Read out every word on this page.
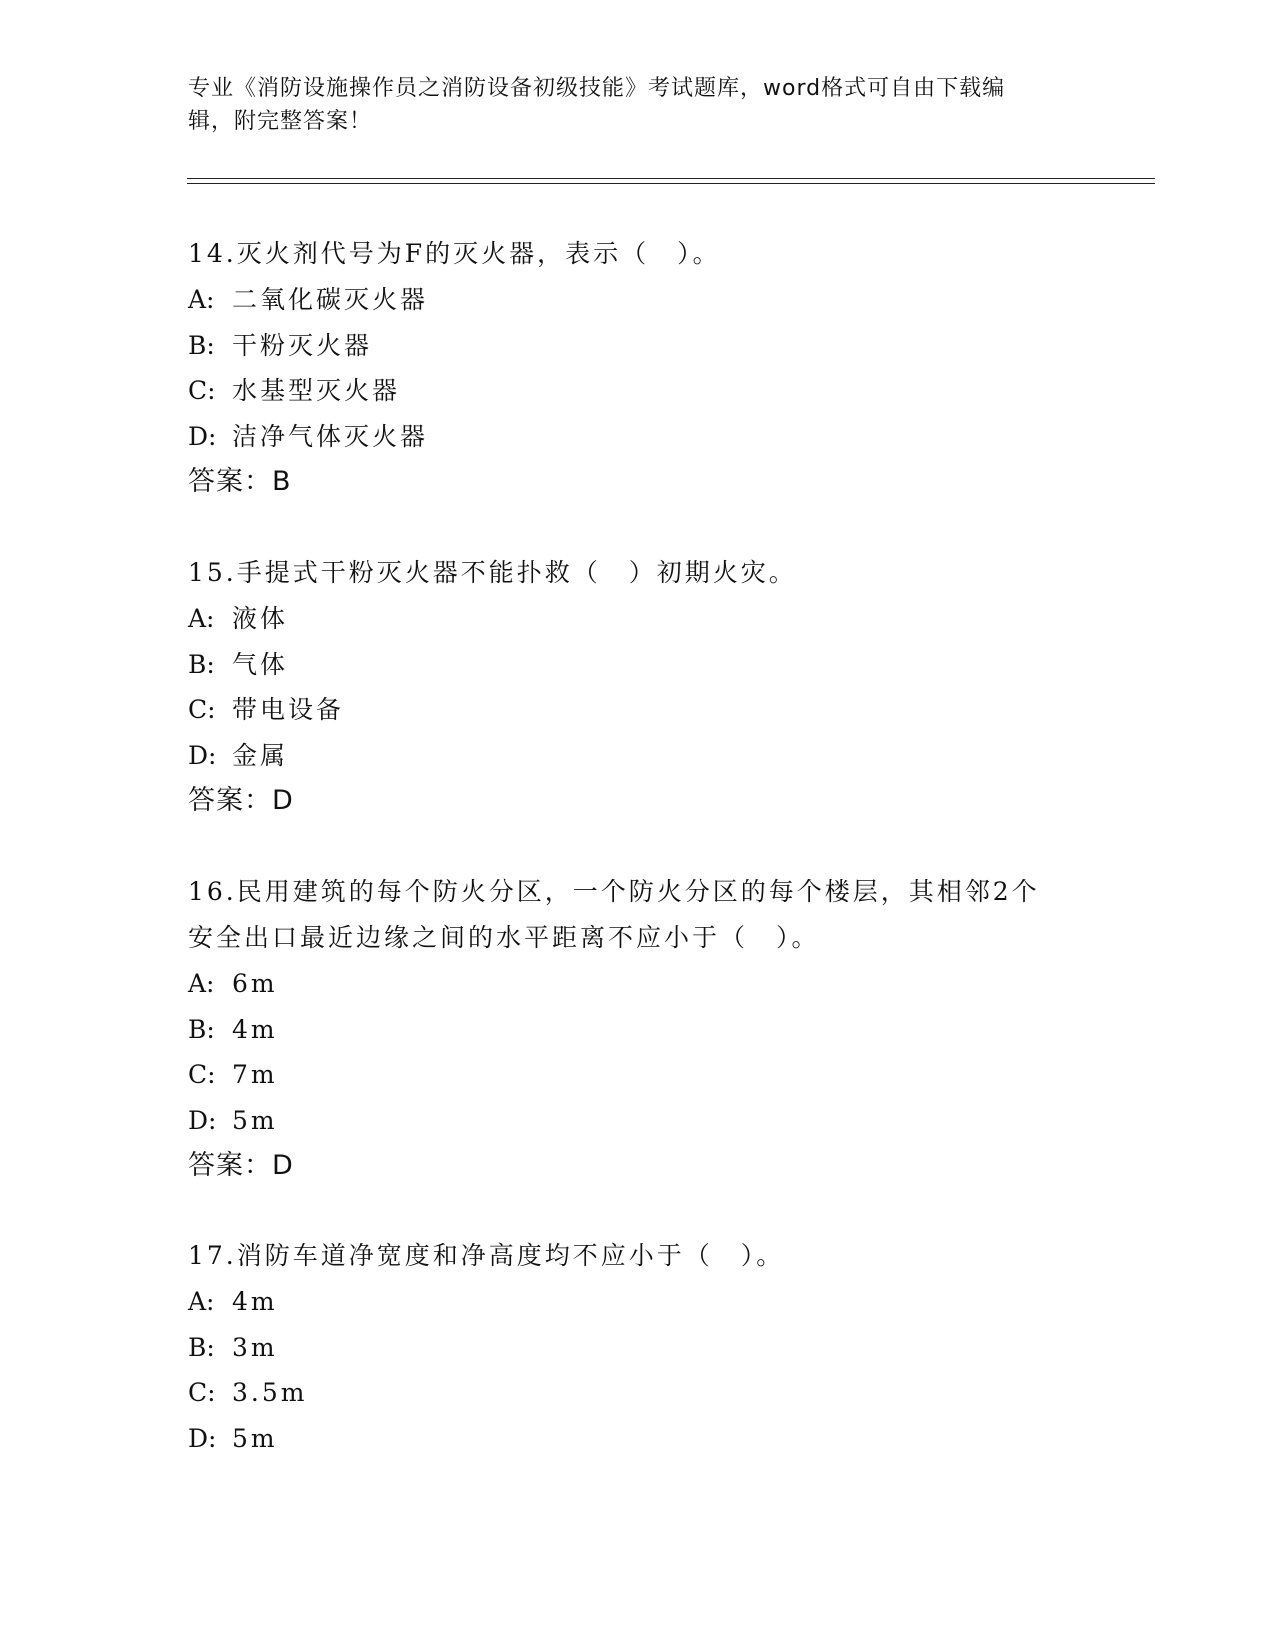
专业《消防设施操作员之消防设备初级技能》考试题库，word格式可自由下载编
辑，附完整答案！
14.灭火剂代号为F的灭火器，表示（　）。
A: 二氧化碳灭火器
B: 干粉灭火器
C: 水基型灭火器
D: 洁净气体灭火器
答案：B
15.手提式干粉灭火器不能扑救（　）初期火灾。
A: 液体
B: 气体
C: 带电设备
D: 金属
答案：D
16.民用建筑的每个防火分区，一个防火分区的每个楼层，其相邻2个
安全出口最近边缘之间的水平距离不应小于（　）。
A: 6m
B: 4m
C: 7m
D: 5m
答案：D
17.消防车道净宽度和净高度均不应小于（　）。
A: 4m
B: 3m
C: 3.5m
D: 5m
